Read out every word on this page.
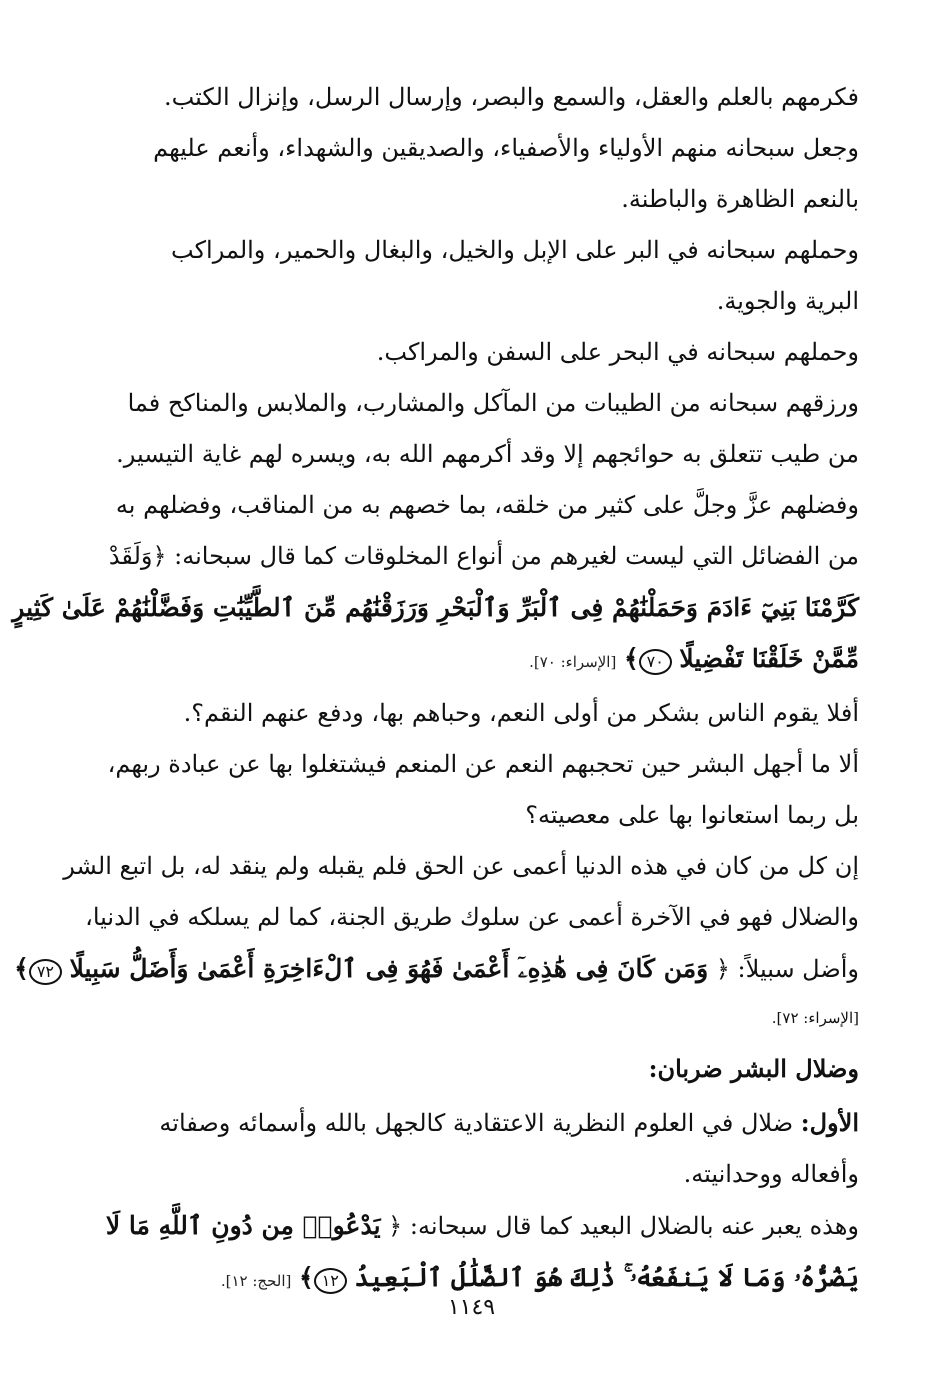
فكرمهم بالعلم والعقل، والسمع والبصر، وإرسال الرسل، وإنزال الكتب.
وجعل سبحانه منهم الأولياء والأصفياء، والصديقين والشهداء، وأنعم عليهم
بالنعم الظاهرة والباطنة.
وحملهم سبحانه في البر على الإبل والخيل، والبغال والحمير، والمراكب
البرية والجوية.
وحملهم سبحانه في البحر على السفن والمراكب.
ورزقهم سبحانه من الطيبات من المآكل والمشارب، والملابس والمناكح فما
من طيب تتعلق به حوائجهم إلا وقد أكرمهم الله به، ويسره لهم غاية التيسير.
وفضلهم عزَّ وجلَّ على كثير من خلقه، بما خصهم به من المناقب، وفضلهم به
من الفضائل التي ليست لغيرهم من أنواع المخلوقات كما قال سبحانه: ﴿وَلَقَدْ
كَرَّمْنَا بَنِيٓ ءَادَمَ وَحَمَلْنَٰهُمْ فِى ٱلْبَرِّ وَٱلْبَحْرِ وَرَزَقْنَٰهُم مِّنَ ٱلطَّيِّبَٰتِ وَفَضَّلْنَٰهُمْ عَلَىٰ كَثِيرٍ
مِّمَّنْ خَلَقْنَا تَفْضِيلًا ٧٠﴾ [الإسراء: ٧٠].
أفلا يقوم الناس بشكر من أولى النعم، وحباهم بها، ودفع عنهم النقم؟.
ألا ما أجهل البشر حين تحجبهم النعم عن المنعم فيشتغلوا بها عن عبادة ربهم،
بل ربما استعانوا بها على معصيته؟
إن كل من كان في هذه الدنيا أعمى عن الحق فلم يقبله ولم ينقد له، بل اتبع الشر
والضلال فهو في الآخرة أعمى عن سلوك طريق الجنة، كما لم يسلكه في الدنيا،
وأضل سبيلاً: ﴿ وَمَن كَانَ فِى هَٰذِهِۦٓ أَعْمَىٰ فَهُوَ فِى ٱلْءَاخِرَةِ أَعْمَىٰ وَأَضَلُّ سَبِيلًا ٧٢﴾
[الإسراء: ٧٢].
وضلال البشر ضربان:
الأول: ضلال في العلوم النظرية الاعتقادية كالجهل بالله وأسمائه وصفاته
وأفعاله ووحدانيته.
وهذه يعبر عنه بالضلال البعيد كما قال سبحانه: ﴿ يَدْعُوا۟ مِن دُونِ ٱللَّهِ مَا لَا
يَضُرُّهُۥ وَمَا لَا يَنفَعُهُۥ ۚ ذَٰلِكَ هُوَ ٱلضَّلَٰلُ ٱلْبَعِيدُ ١٢﴾ [الحج: ١٢].
١١٤٩
